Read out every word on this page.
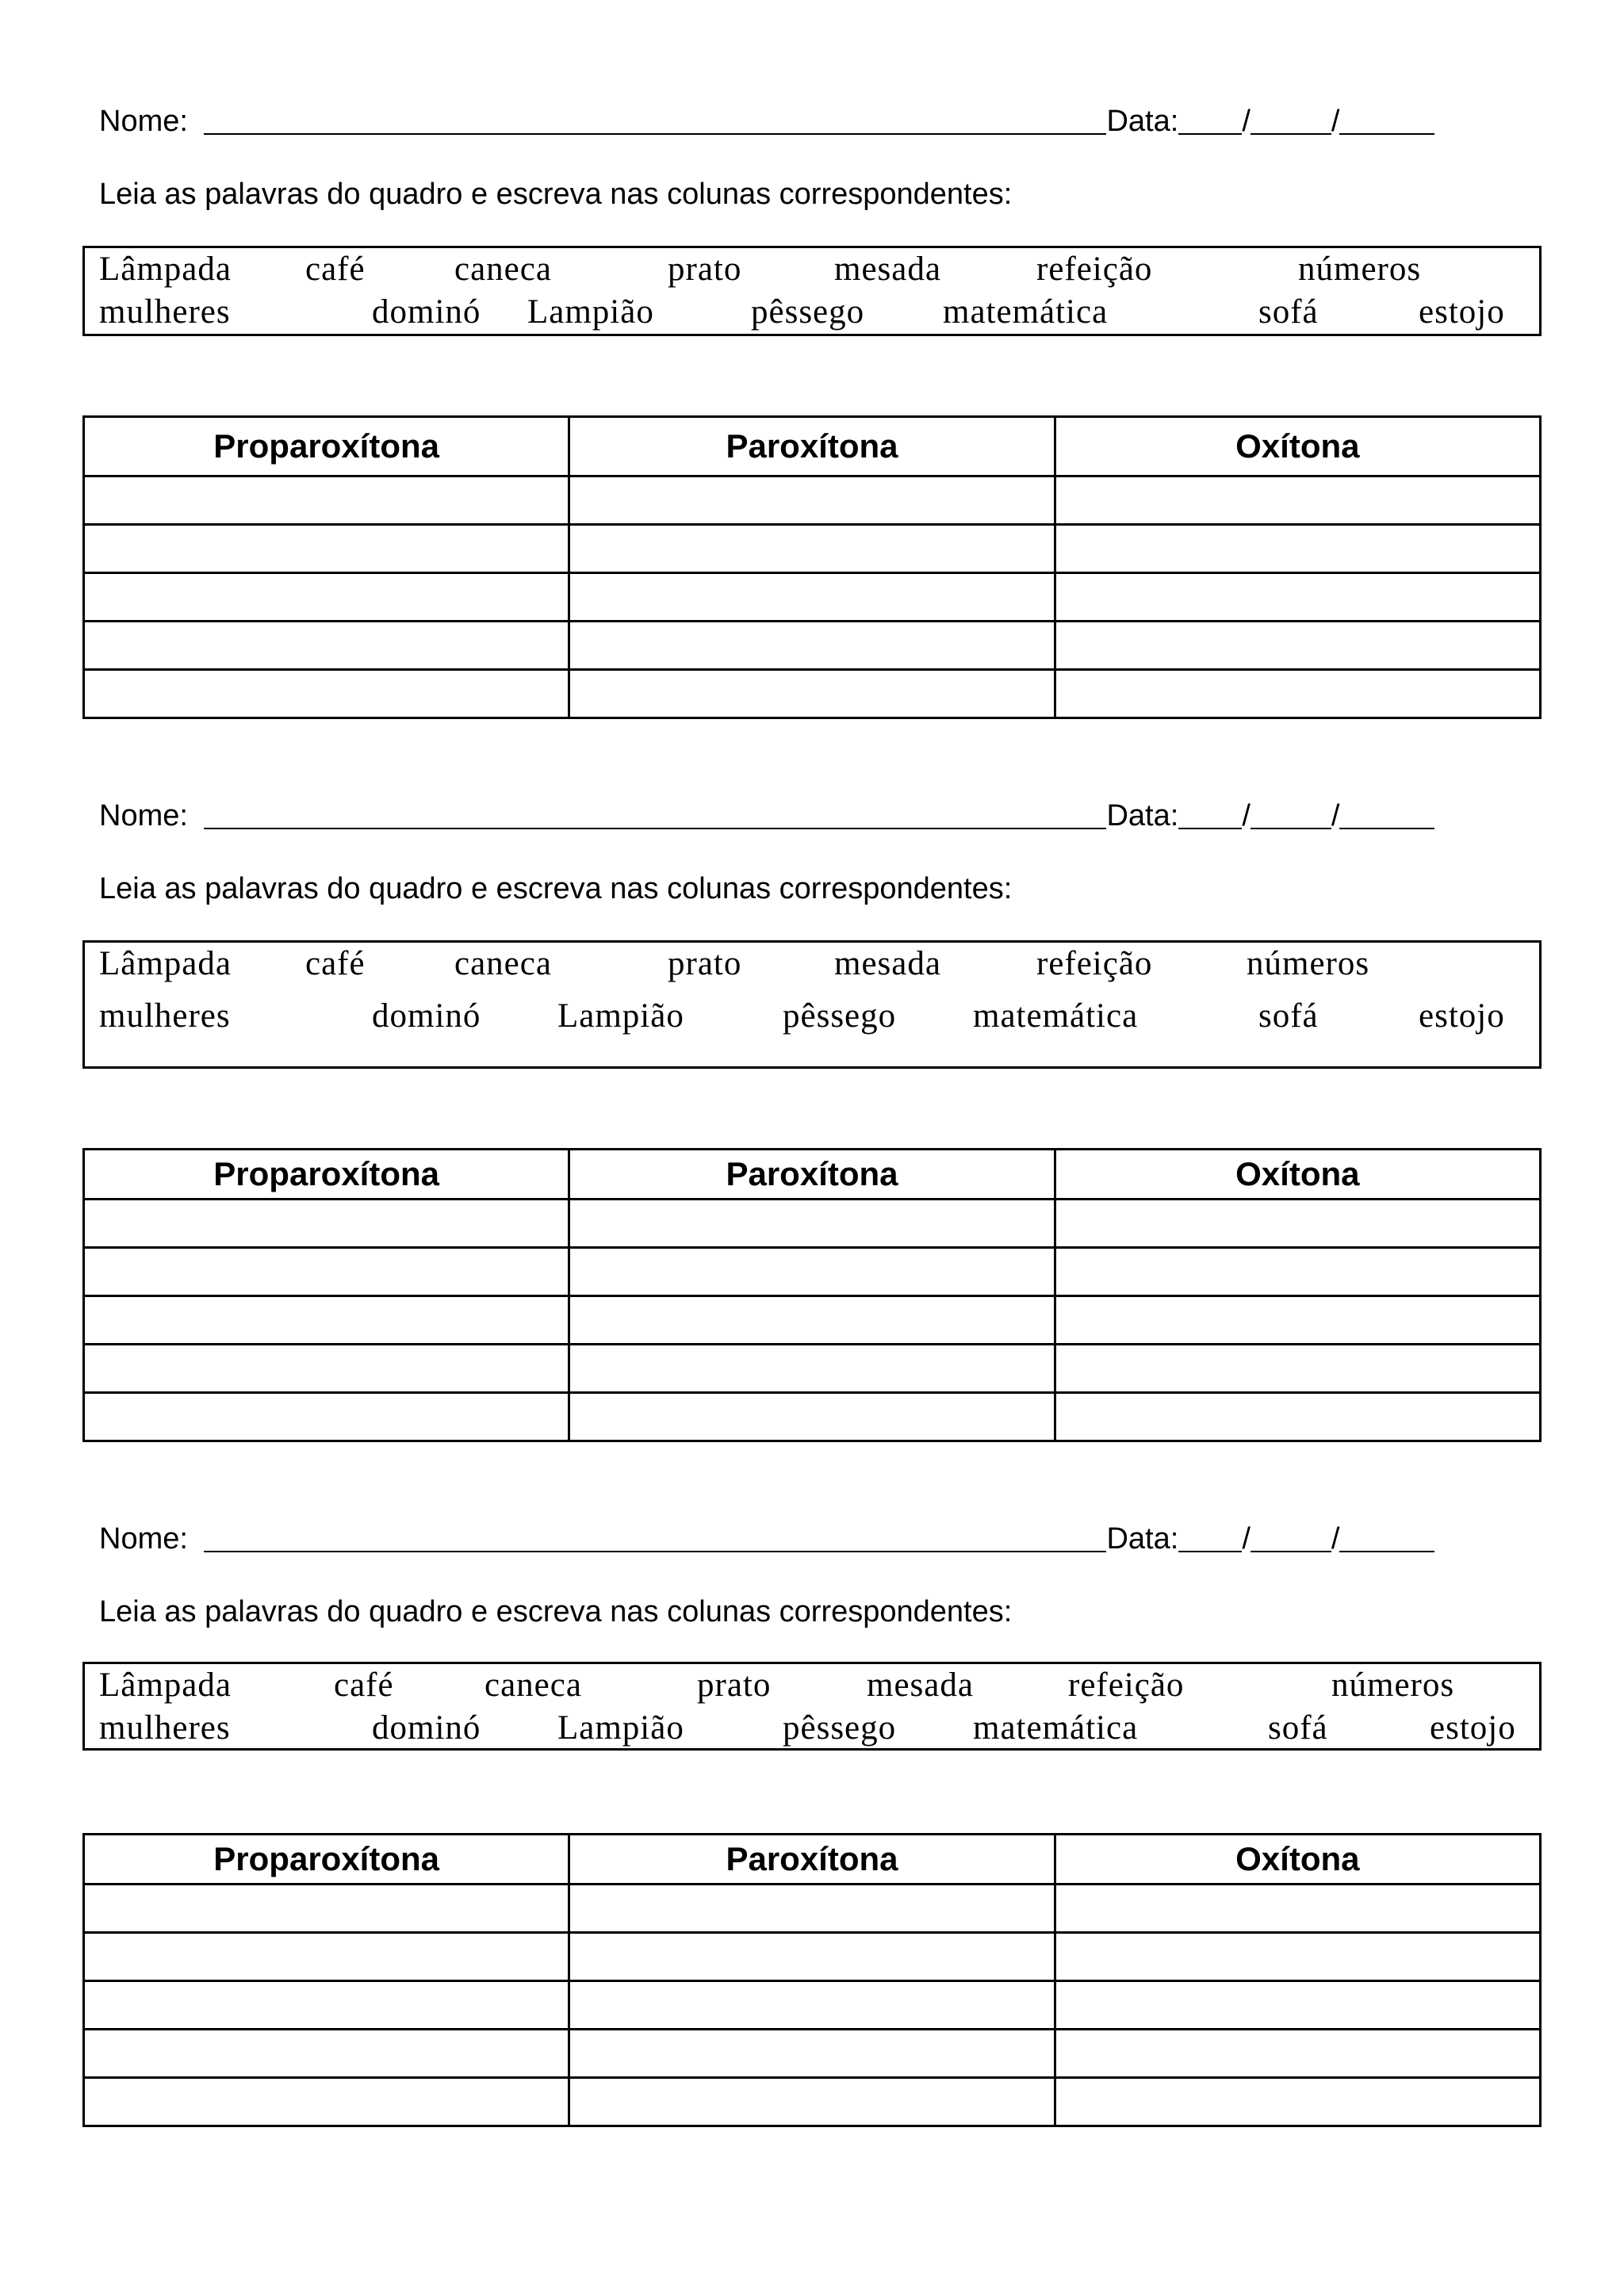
Nome:	Data: /	/
Leia as palavras do quadro e escreva nas colunas correspondentes:
Lâmpada café	caneca	prato	mesada	refeição	números
mulheres	dominó Lampião	pêssego matemática	sofá	estojo
Proparoxítona	Paroxítona	Oxítona

Nome:	Data: /	/
Leia as palavras do quadro e escreva nas colunas correspondentes:
Lâmpada café	caneca	prato	mesada	refeição	números
mulheres	dominó Lampião	pêssego matemática	sofá	estojo
Proparoxítona	Paroxítona	Oxítona

Nome:	Data: /	/
Leia as palavras do quadro e escreva nas colunas correspondentes:
Lâmpada	café	caneca	prato	mesada	refeição	números
mulheres	dominó Lampião	pêssego matemática	sofá	estojo
Proparoxítona	Paroxítona	Oxítona
